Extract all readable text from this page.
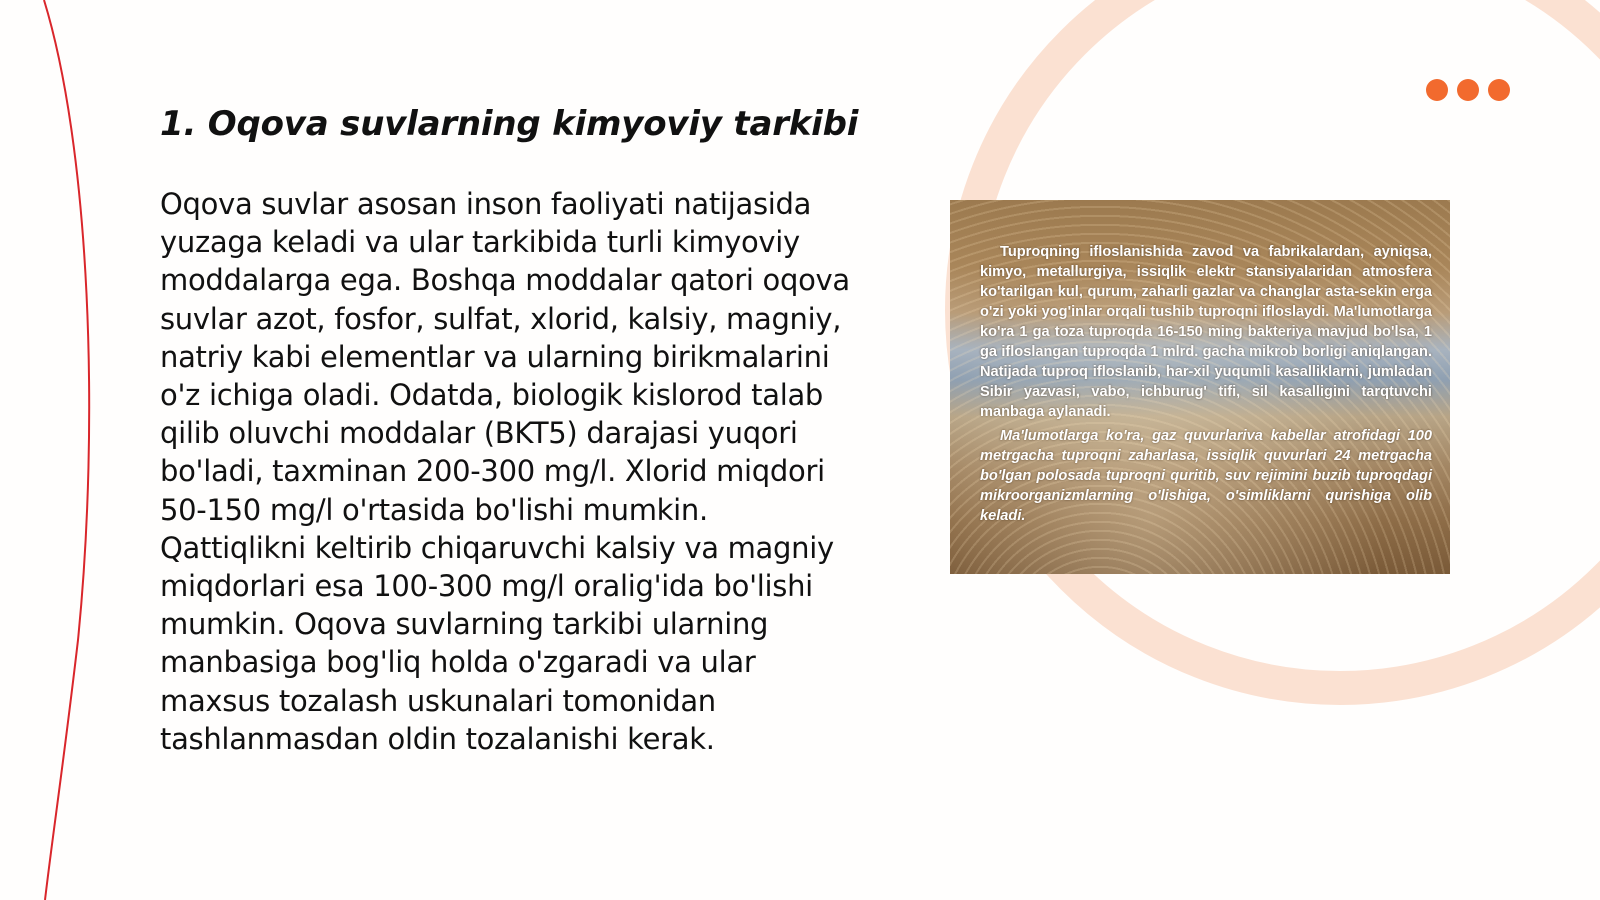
1. Oqova suvlarning kimyoviy tarkibi

Oqova suvlar asosan inson faoliyati natijasida yuzaga keladi va ular tarkibida turli kimyoviy moddalarga ega. Boshqa moddalar qatori oqova suvlar azot, fosfor, sulfat, xlorid, kalsiy, magniy, natriy kabi elementlar va ularning birikmalarini o'z ichiga oladi. Odatda, biologik kislorod talab qilib oluvchi moddalar (BKT5) darajasi yuqori bo'ladi, taxminan 200-300 mg/l. Xlorid miqdori 50-150 mg/l o'rtasida bo'lishi mumkin. Qattiqlikni keltirib chiqaruvchi kalsiy va magniy miqdorlari esa 100-300 mg/l oralig'ida bo'lishi mumkin. Oqova suvlarning tarkibi ularning manbasiga bog'liq holda o'zgaradi va ular maxsus tozalash uskunalari tomonidan tashlanmasdan oldin tozalanishi kerak.

Tuproqning ifloslanishida zavod va fabrikalardan, ayniqsa, kimyo, metallurgiya, issiqlik elektr stansiyalaridan atmosfera ko'tarilgan kul, qurum, zaharli gazlar va changlar asta-sekin erga o'zi yoki yog'inlar orqali tushib tuproqni ifloslaydi. Ma'lumotlarga ko'ra 1 ga toza tuproqda 16-150 ming bakteriya mavjud bo'lsa, 1 ga ifloslangan tuproqda 1 mlrd. gacha mikrob borligi aniqlangan. Natijada tuproq ifloslanib, har-xil yuqumli kasalliklarni, jumladan Sibir yazvasi, vabo, ichburug' tifi, sil kasalligini tarqtuvchi manbaga aylanadi.

Ma'lumotlarga ko'ra, gaz quvurlariva kabellar atrofidagi 100 metrgacha tuproqni zaharlasa, issiqlik quvurlari 24 metrgacha bo'lgan polosada tuproqni quritib, suv rejimini buzib tuproqdagi mikroorganizmlarning o'lishiga, o'simliklarni qurishiga olib keladi.
